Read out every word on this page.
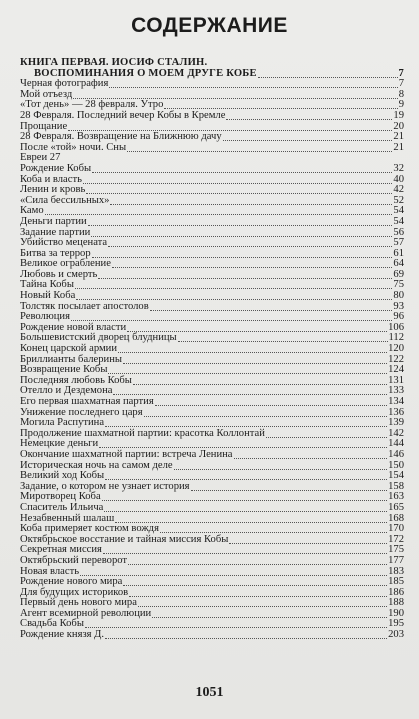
СОДЕРЖАНИЕ
КНИГА ПЕРВАЯ. ИОСИФ СТАЛИН.
ВОСПОМИНАНИЯ О МОЕМ ДРУГЕ КОБЕ	7
Черная фотография	7
Мой отъезд	8
«Тот день» — 28 февраля. Утро	9
28 Февраля. Последний вечер Кобы в Кремле	19
Прощание	20
28 Февраля. Возвращение на Ближнюю дачу	21
После «той» ночи. Сны	21
Евреи 27
Рождение Кобы	32
Коба и власть	40
Ленин и кровь	42
«Сила бессильных»	52
Камо	54
Деньги партии	54
Задание партии	56
Убийство мецената	57
Битва за террор	61
Великое ограбление	64
Любовь и смерть	69
Тайна Кобы	75
Новый Коба	80
Толстяк посылает апостолов	93
Революция	96
Рождение новой власти	106
Большевистский дворец блудницы	112
Конец царской армии	120
Бриллианты балерины	122
Возвращение Кобы	124
Последняя любовь Кобы	131
Отелло и Дездемона	133
Его первая шахматная партия	134
Унижение последнего царя	136
Могила Распутина	139
Продолжение шахматной партии: красотка Коллонтай	142
Немецкие деньги	144
Окончание шахматной партии: встреча Ленина	146
Историческая ночь на самом деле	150
Великий ход Кобы	154
Задание, о котором не узнает история	158
Миротворец Коба	163
Спаситель Ильича	165
Незабвенный шалаш	168
Коба примеряет костюм вождя	170
Октябрьское восстание и тайная миссия Кобы	172
Секретная миссия	175
Октябрьский переворот	177
Новая власть	183
Рождение нового мира	185
Для будущих историков	186
Первый день нового мира	188
Агент всемирной революции	190
Свадьба Кобы	195
Рождение князя Д.	203
1051
